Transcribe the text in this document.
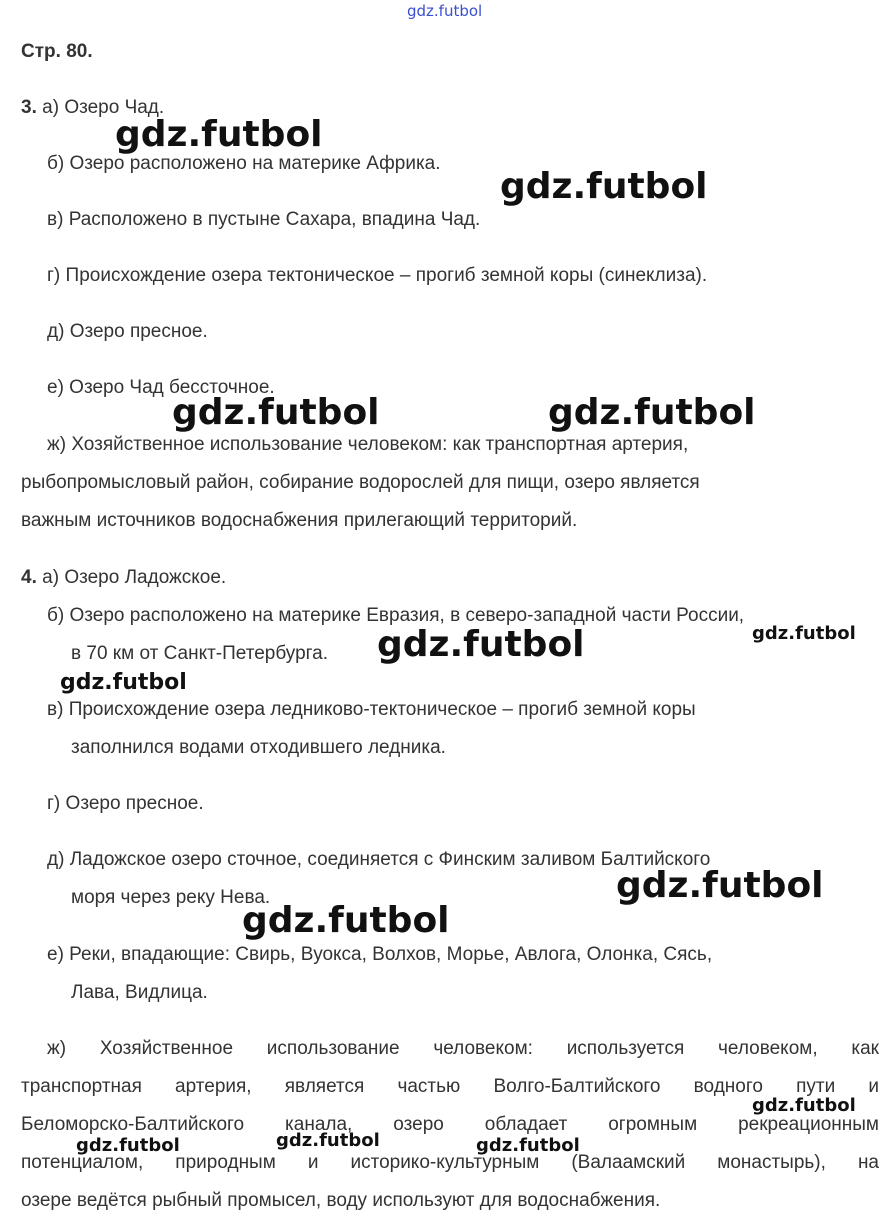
gdz.futbol

Стр. 80.

3. а) Озеро Чад.

б) Озеро расположено на материке Африка.

в) Расположено в пустыне Сахара, впадина Чад.

г) Происхождение озера тектоническое – прогиб земной коры (синеклиза).

д) Озеро пресное.

е) Озеро Чад бессточное.

ж) Хозяйственное использование человеком: как транспортная артерия,

рыбопромысловый район, собирание водорослей для пищи, озеро является

важным источников водоснабжения прилегающий территорий.

4. а) Озеро Ладожское.

б) Озеро расположено на материке Евразия, в северо-западной части России,

в 70 км от Санкт-Петербурга.

в) Происхождение озера ледниково-тектоническое – прогиб земной коры

заполнился водами отходившего ледника.

г) Озеро пресное.

д) Ладожское озеро сточное, соединяется с Финским заливом Балтийского

моря через реку Нева.

е) Реки, впадающие: Свирь, Вуокса, Волхов, Морье, Авлога, Олонка, Сясь,

Лава, Видлица.

ж) Хозяйственное использование человеком: используется человеком, как

транспортная артерия, является частью Волго-Балтийского водного пути и

Беломорско-Балтийского канала, озеро обладает огромным рекреационным

потенциалом, природным и историко-культурным (Валаамский монастырь), на

озере ведётся рыбный промысел, воду используют для водоснабжения.

gdz.futbol
gdz.futbol
gdz.futbol	gdz.futbol
gdz.futbol	gdz.futbol
gdz.futbol
gdz.futbol
gdz.futbol
gdz.futbol
gdz.futbol	gdz.futbol	gdz.futbol
